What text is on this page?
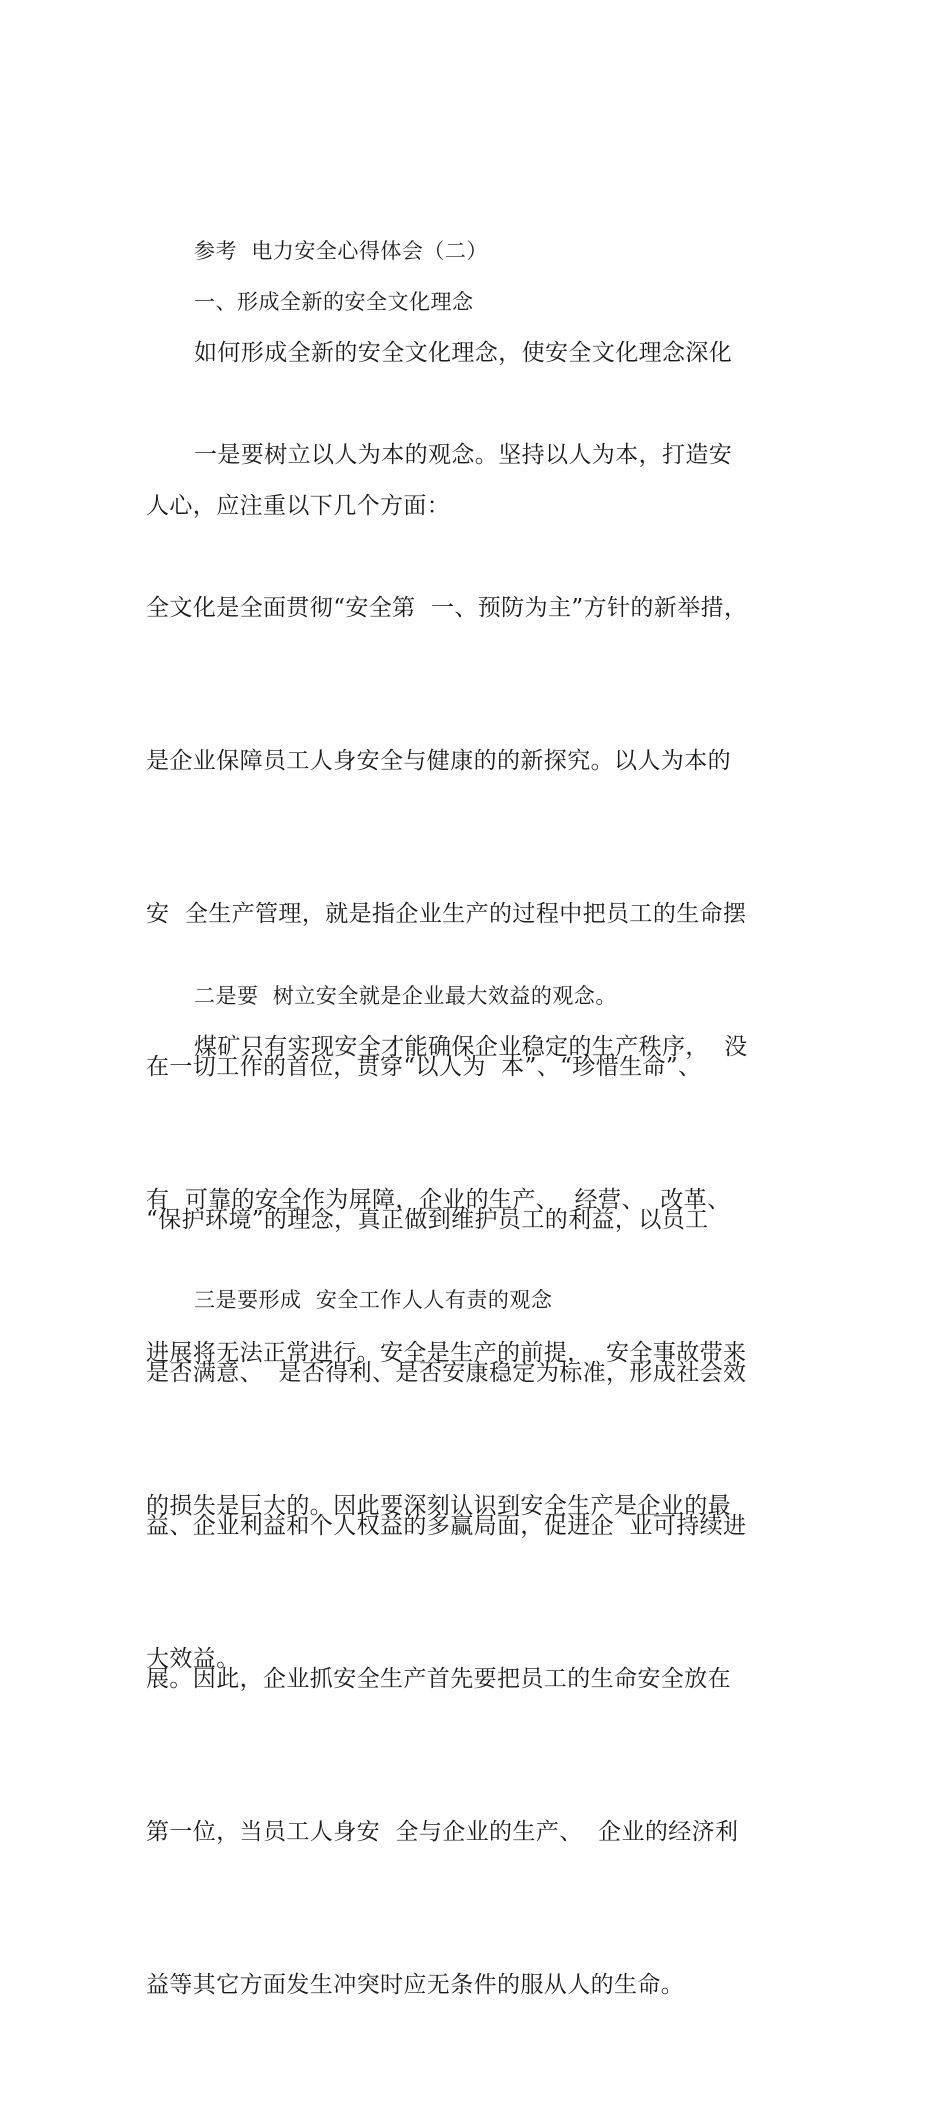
参考  电力安全心得体会（二）

一、形成全新的安全文化理念

如何形成全新的安全文化理念，使安全文化理念深化

人心，应注重以下几个方面：

一是要树立以人为本的观念。坚持以人为本，打造安

全文化是全面贯彻“安全第  一、预防为主”方针的新举措，

是企业保障员工人身安全与健康的的新探究。以人为本的

安  全生产管理，就是指企业生产的过程中把员工的生命摆

在一切工作的首位，贯穿“以人为  本”、“珍惜生命”、

“保护环境”的理念，真正做到维护员工的利益，以员工

是否满意、  是否得利、是否安康稳定为标准，形成社会效

益、企业利益和个人权益的多赢局面，促进企  业可持续进

展。因此，企业抓安全生产首先要把员工的生命安全放在

第一位，当员工人身安  全与企业的生产、  企业的经济利

益等其它方面发生冲突时应无条件的服从人的生命。

二是要  树立安全就是企业最大效益的观念。

煤矿只有实现安全才能确保企业稳定的生产秩序，  没

有  可靠的安全作为屏障，企业的生产、  经营、  改革、

进展将无法正常进行。安全是生产的前提，  安全事故带来

的损失是巨大的。因此要深刻认识到安全生产是企业的最

大效益。

三是要形成  安全工作人人有责的观念
